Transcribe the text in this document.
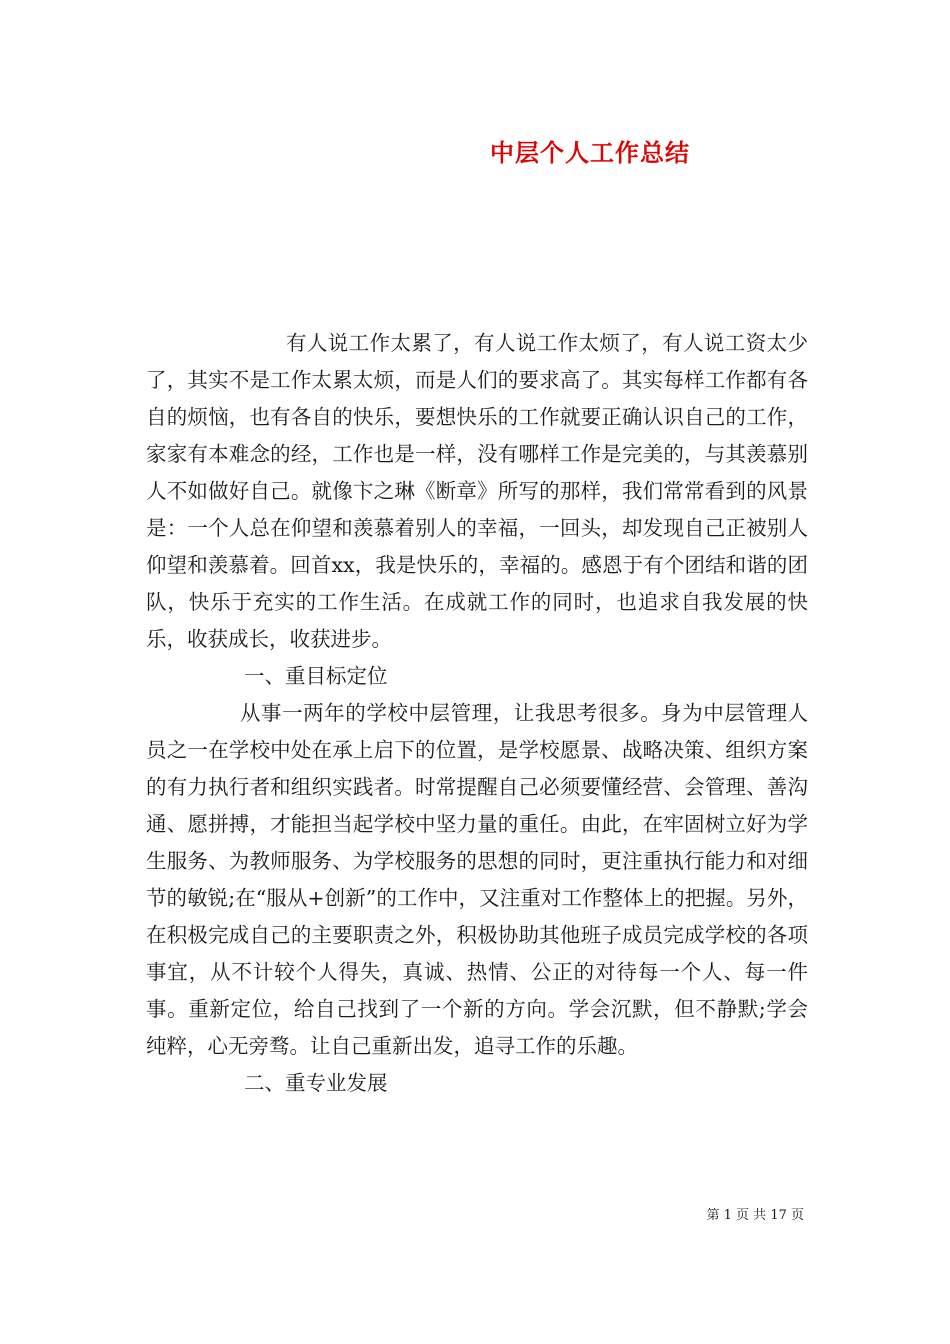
中层个人工作总结

有人说工作太累了，有人说工作太烦了，有人说工资太少了，其实不是工作太累太烦，而是人们的要求高了。其实每样工作都有各自的烦恼，也有各自的快乐，要想快乐的工作就要正确认识自己的工作，家家有本难念的经，工作也是一样，没有哪样工作是完美的，与其羡慕别人不如做好自己。就像卞之琳《断章》所写的那样，我们常常看到的风景是：一个人总在仰望和羡慕着别人的幸福，一回头，却发现自己正被别人仰望和羡慕着。回首xx，我是快乐的，幸福的。感恩于有个团结和谐的团队，快乐于充实的工作生活。在成就工作的同时，也追求自我发展的快乐，收获成长，收获进步。

一、重目标定位

从事一两年的学校中层管理，让我思考很多。身为中层管理人员之一在学校中处在承上启下的位置，是学校愿景、战略决策、组织方案的有力执行者和组织实践者。时常提醒自己必须要懂经营、会管理、善沟通、愿拼搏，才能担当起学校中坚力量的重任。由此，在牢固树立好为学生服务、为教师服务、为学校服务的思想的同时，更注重执行能力和对细节的敏锐;在“服从+创新”的工作中，又注重对工作整体上的把握。另外，在积极完成自己的主要职责之外，积极协助其他班子成员完成学校的各项事宜，从不计较个人得失，真诚、热情、公正的对待每一个人、每一件事。重新定位，给自己找到了一个新的方向。学会沉默，但不静默;学会纯粹，心无旁骛。让自己重新出发，追寻工作的乐趣。

二、重专业发展

第 1 页 共 17 页
